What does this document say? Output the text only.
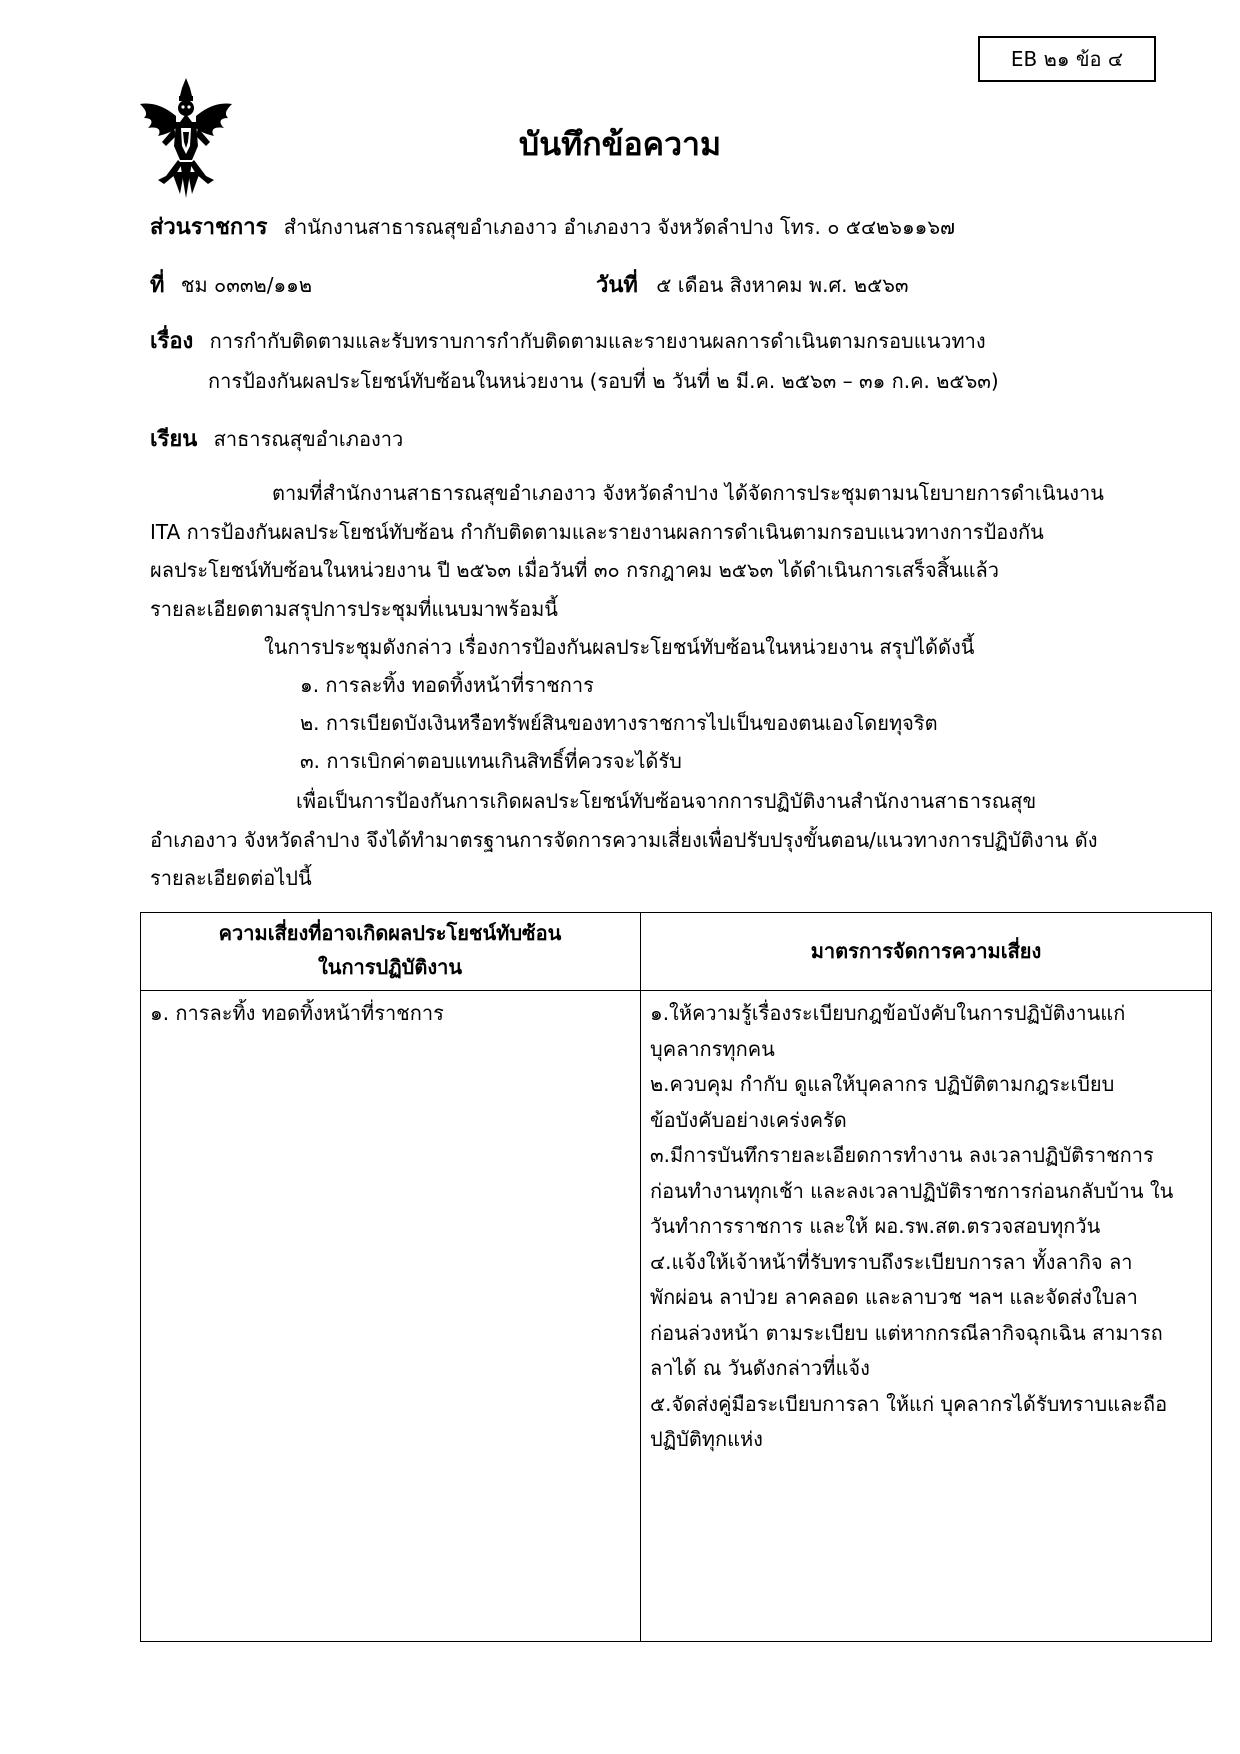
EB ๒๑ ข้อ ๔
บันทึกข้อความ
ส่วนราชการ สำนักงานสาธารณสุขอำเภองาว อำเภองาว จังหวัดลำปาง โทร. ๐ ๕๔๒๖๑๑๖๗
ที่ ชม ๐๓๓๒/๑๑๒	วันที่ ๕ เดือน สิงหาคม พ.ศ. ๒๕๖๓
เรื่อง การกำกับติดตามและรับทราบการกำกับติดตามและรายงานผลการดำเนินตามกรอบแนวทาง
การป้องกันผลประโยชน์ทับซ้อนในหน่วยงาน (รอบที่ ๒ วันที่ ๒ มี.ค. ๒๕๖๓ – ๓๑ ก.ค. ๒๕๖๓)
เรียน สาธารณสุขอำเภองาว
ตามที่สำนักงานสาธารณสุขอำเภองาว จังหวัดลำปาง ได้จัดการประชุมตามนโยบายการดำเนินงาน
ITA การป้องกันผลประโยชน์ทับซ้อน กำกับติดตามและรายงานผลการดำเนินตามกรอบแนวทางการป้องกัน
ผลประโยชน์ทับซ้อนในหน่วยงาน ปี ๒๕๖๓ เมื่อวันที่ ๓๐ กรกฎาคม ๒๕๖๓ ได้ดำเนินการเสร็จสิ้นแล้ว
รายละเอียดตามสรุปการประชุมที่แนบมาพร้อมนี้
ในการประชุมดังกล่าว เรื่องการป้องกันผลประโยชน์ทับซ้อนในหน่วยงาน สรุปได้ดังนี้
๑. การละทิ้ง ทอดทิ้งหน้าที่ราชการ
๒. การเบียดบังเงินหรือทรัพย์สินของทางราชการไปเป็นของตนเองโดยทุจริต
๓. การเบิกค่าตอบแทนเกินสิทธิ์ที่ควรจะได้รับ
เพื่อเป็นการป้องกันการเกิดผลประโยชน์ทับซ้อนจากการปฏิบัติงานสำนักงานสาธารณสุข
อำเภองาว จังหวัดลำปาง จึงได้ทำมาตรฐานการจัดการความเสี่ยงเพื่อปรับปรุงขั้นตอน/แนวทางการปฏิบัติงาน ดัง
รายละเอียดต่อไปนี้
ความเสี่ยงที่อาจเกิดผลประโยชน์ทับซ้อน
ในการปฏิบัติงาน
มาตรการจัดการความเสี่ยง
๑. การละทิ้ง ทอดทิ้งหน้าที่ราชการ	๑.ให้ความรู้เรื่องระเบียบกฎข้อบังคับในการปฏิบัติงานแก่
บุคลากรทุกคน
๒.ควบคุม กำกับ ดูแลให้บุคลากร ปฏิบัติตามกฎระเบียบ
ข้อบังคับอย่างเคร่งครัด
๓.มีการบันทึกรายละเอียดการทำงาน ลงเวลาปฏิบัติราชการ
ก่อนทำงานทุกเช้า และลงเวลาปฏิบัติราชการก่อนกลับบ้าน ใน
วันทำการราชการ และให้ ผอ.รพ.สต.ตรวจสอบทุกวัน
๔.แจ้งให้เจ้าหน้าที่รับทราบถึงระเบียบการลา ทั้งลากิจ ลา
พักผ่อน ลาป่วย ลาคลอด และลาบวช ฯลฯ และจัดส่งใบลา
ก่อนล่วงหน้า ตามระเบียบ แต่หากกรณีลากิจฉุกเฉิน สามารถ
ลาได้ ณ วันดังกล่าวที่แจ้ง
๕.จัดส่งคู่มือระเบียบการลา ให้แก่ บุคลากรได้รับทราบและถือ
ปฏิบัติทุกแห่ง
